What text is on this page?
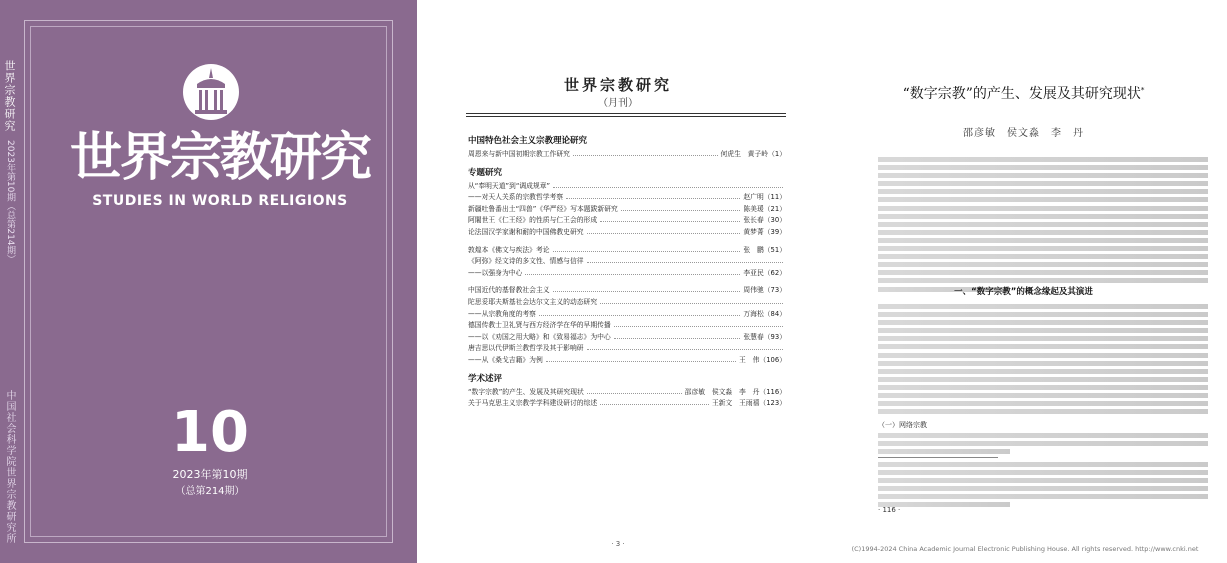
世界宗教研究
2023年第10期（总第214期）
中国社会科学院世界宗教研究所
世界宗教研究
STUDIES IN WORLD RELIGIONS
10
2023年第10期
（总第214期）
世界宗教研究
（月刊）
中国特色社会主义宗教理论研究
周恩来与新中国初期宗教工作研究	何虎生　黄子岭（1）
专题研究
从“奉明天道”到“调成规章”
——对天人关系的宗教哲学考察	赵广明（11）
新疆吐鲁番出土“四兽”《华严经》写本题跋新研究	陈美瑗（21）
阿闍世王《仁王经》的性质与仁王会的形成	张长春（30）
论法国汉学家谢和耐的中国佛教史研究	黄梦菁（39）
敦煌本《佛文与疾法》考论	张　鹏（51）
《阿弥》经文诗的多文性、情感与信徉
——以强身为中心	李亚民（62）
中国近代的基督教社会主义	周伟驰（73）
陀思妥耶夫斯基社会达尔文主义的动态研究
——从宗教角度的考察	万海松（84）
德国传教士卫礼贤与西方经济学在华的早期传播
——以《劝国之用大略》和《致易福志》为中心	张慧春（93）
唐吉思以代伊斯兰教哲学及其于影响研
——从《桑戈吉籍》为例	王　伟（106）
学术述评
“数字宗教”的产生、发展及其研究现状	邵彦敏　侯文淼　李　丹（116）
关于马克思主义宗教学学科建设研讨的综述	王新文　王雨禧（123）
· 3 ·
“数字宗教”的产生、发展及其研究现状*
邵彦敏　侯文淼　李　丹
一、“数字宗教”的概念缘起及其演进
（一）网络宗教
· 116 ·
(C)1994-2024 China Academic Journal Electronic Publishing House. All rights reserved. http://www.cnki.net
